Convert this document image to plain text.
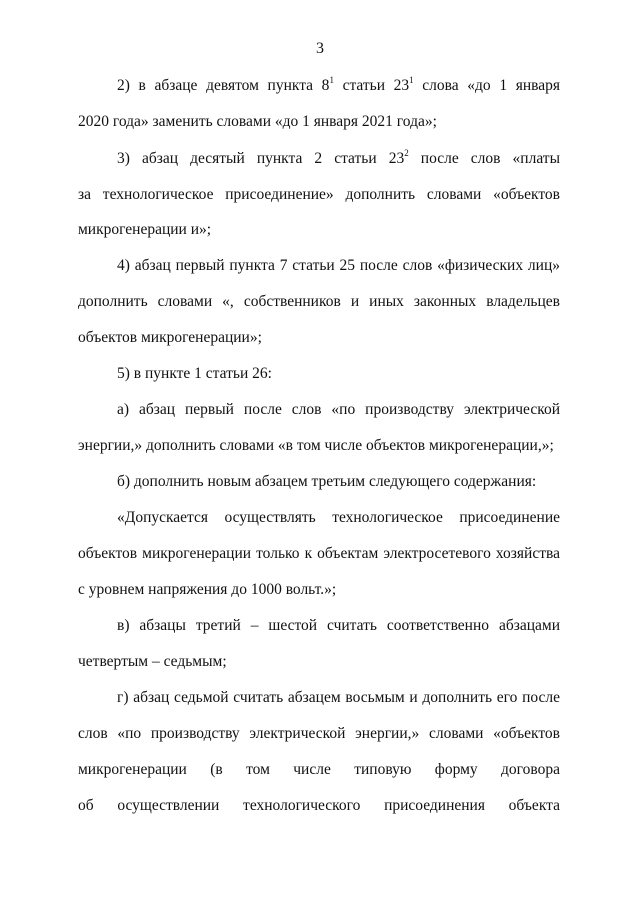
3
2) в абзаце девятом пункта $8^1$ статьи $23^1$ слова «до 1 января
2020 года» заменить словами «до 1 января 2021 года»;
3) абзац десятый пункта 2 статьи $23^2$ после слов «платы
за технологическое присоединение» дополнить словами «объектов
микрогенерации и»;
4) абзац первый пункта 7 статьи 25 после слов «физических лиц»
дополнить словами «, собственников и иных законных владельцев
объектов микрогенерации»;
5) в пункте 1 статьи 26:
а) абзац первый после слов «по производству электрической
энергии,» дополнить словами «в том числе объектов микрогенерации,»;
б) дополнить новым абзацем третьим следующего содержания:
«Допускается осуществлять технологическое присоединение
объектов микрогенерации только к объектам электросетевого хозяйства
с уровнем напряжения до 1000 вольт.»;
в) абзацы третий – шестой считать соответственно абзацами
четвертым – седьмым;
г) абзац седьмой считать абзацем восьмым и дополнить его после
слов «по производству электрической энергии,» словами «объектов
микрогенерации (в том числе типовую форму договора
об осуществлении технологического присоединения объекта
